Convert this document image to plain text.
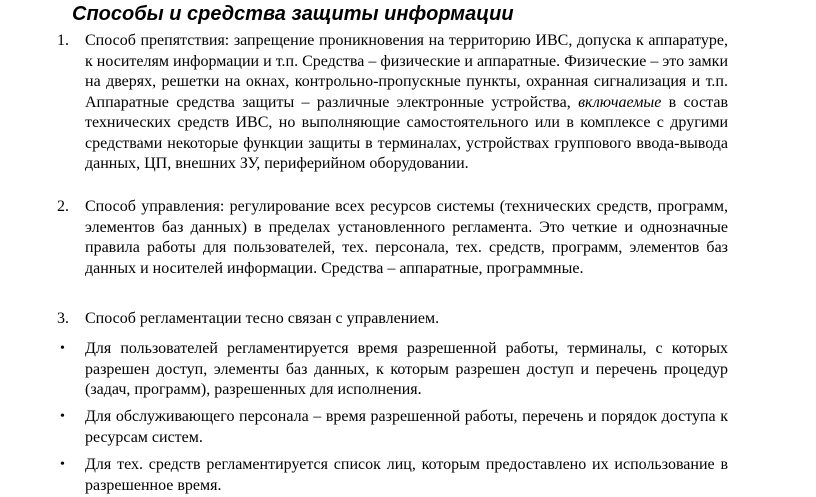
Способы и средства защиты информации
1. Способ препятствия: запрещение проникновения на территорию ИВС, допуска к аппаратуре, к носителям информации и т.п. Средства – физические и аппаратные. Физические – это замки на дверях, решетки на окнах, контрольно-пропускные пункты, охранная сигнализация и т.п. Аппаратные средства защиты – различные электронные устройства, включаемые в состав технических средств ИВС, но выполняющие самостоятельного или в комплексе с другими средствами некоторые функции защиты в терминалах, устройствах группового ввода-вывода данных, ЦП, внешних ЗУ, периферийном оборудовании.
2. Способ управления: регулирование всех ресурсов системы (технических средств, программ, элементов баз данных) в пределах установленного регламента. Это четкие и однозначные правила работы для пользователей, тех. персонала, тех. средств, программ, элементов баз данных и носителей информации. Средства – аппаратные, программные.
3. Способ регламентации тесно связан с управлением.
• Для пользователей регламентируется время разрешенной работы, терминалы, с которых разрешен доступ, элементы баз данных, к которым разрешен доступ и перечень процедур (задач, программ), разрешенных для исполнения.
• Для обслуживающего персонала – время разрешенной работы, перечень и порядок доступа к ресурсам систем.
• Для тех. средств регламентируется список лиц, которым предоставлено их использование в разрешенное время.
